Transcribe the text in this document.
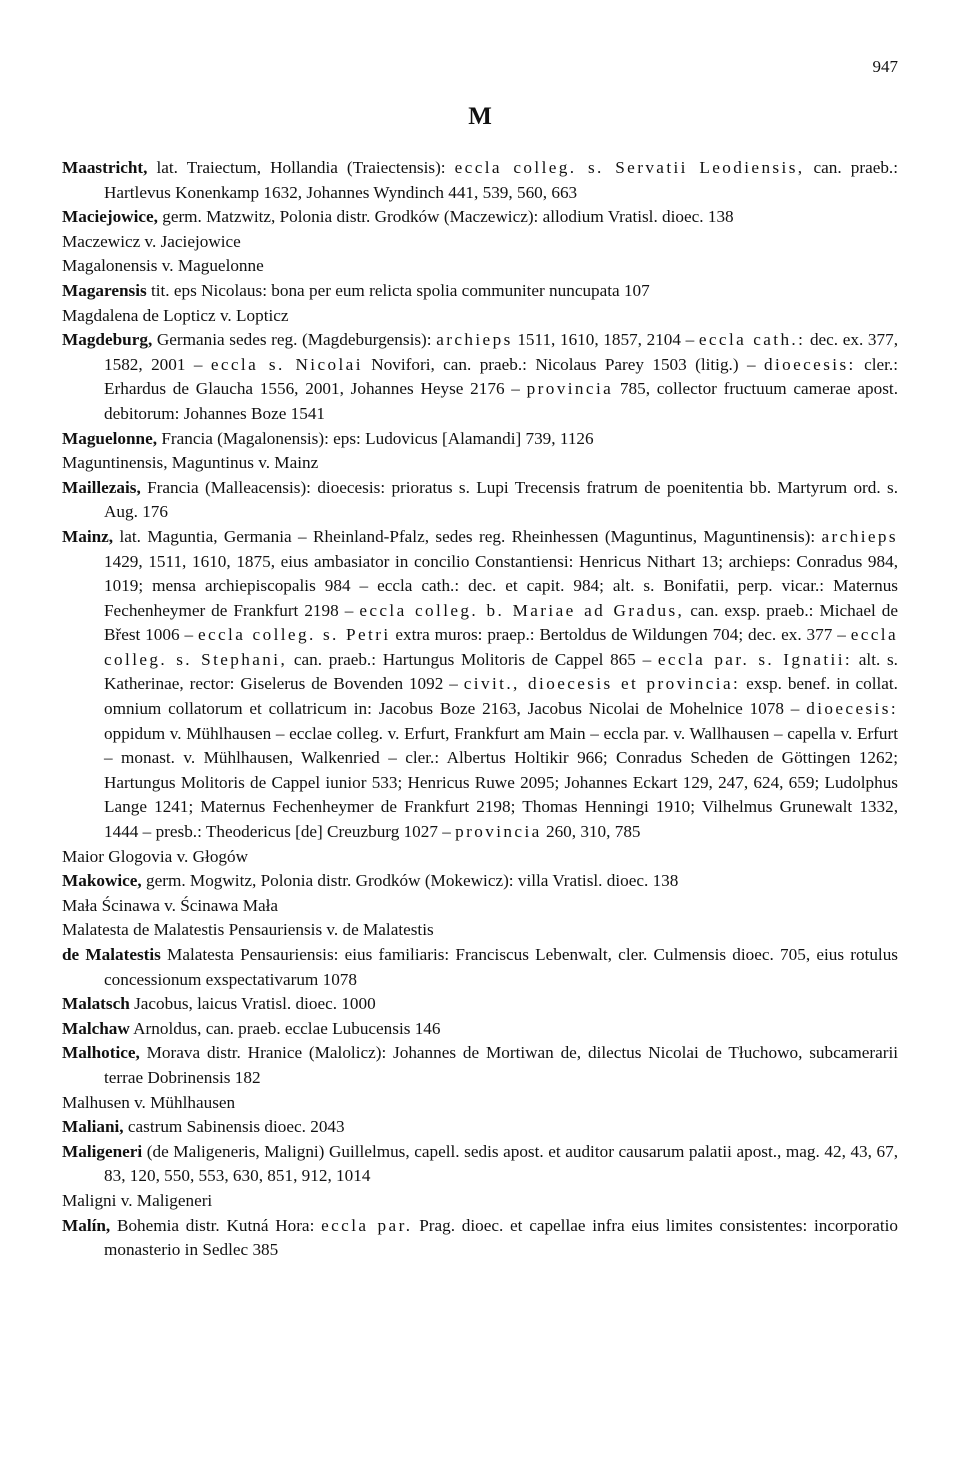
947
M

Maastricht, lat. Traiectum, Hollandia (Traiectensis): eccla colleg. s. Servatii Leodiensis, can. praeb.: Hartlevus Konenkamp 1632, Johannes Wyndinch 441, 539, 560, 663

Maciejowice, germ. Matzwitz, Polonia distr. Grodków (Maczewicz): allodium Vratisl. dioec. 138

Maczewicz v. Jaciejowice

Magalonensis v. Maguelonne

Magarensis tit. eps Nicolaus: bona per eum relicta spolia communiter nuncupata 107

Magdalena de Lopticz v. Lopticz

Magdeburg, Germania sedes reg. (Magdeburgensis): archieps 1511, 1610, 1857, 2104 – eccla cath.: dec. ex. 377, 1582, 2001 – eccla s. Nicolai Novifori, can. praeb.: Nicolaus Parey 1503 (litig.) – dioecesis: cler.: Erhardus de Glaucha 1556, 2001, Johannes Heyse 2176 – provincia 785, collector fructuum camerae apost. debitorum: Johannes Boze 1541

Maguelonne, Francia (Magalonensis): eps: Ludovicus [Alamandi] 739, 1126

Maguntinensis, Maguntinus v. Mainz

Maillezais, Francia (Malleacensis): dioecesis: prioratus s. Lupi Trecensis fratrum de poenitentia bb. Martyrum ord. s. Aug. 176

Mainz, lat. Maguntia, Germania – Rheinland-Pfalz, sedes reg. Rheinhessen (Maguntinus, Maguntinensis): archieps 1429, 1511, 1610, 1875, eius ambasiator in concilio Constantiensi: Henricus Nithart 13; archieps: Conradus 984, 1019; mensa archiepiscopalis 984 – eccla cath.: dec. et capit. 984; alt. s. Bonifatii, perp. vicar.: Maternus Fechenheymer de Frankfurt 2198 – eccla colleg. b. Mariae ad Gradus, can. exsp. praeb.: Michael de Břest 1006 – eccla colleg. s. Petri extra muros: praep.: Bertoldus de Wildungen 704; dec. ex. 377 – eccla colleg. s. Stephani, can. praeb.: Hartungus Molitoris de Cappel 865 – eccla par. s. Ignatii: alt. s. Katherinae, rector: Giselerus de Bovenden 1092 – civit., dioecesis et provincia: exsp. benef. in collat. omnium collatorum et collatricum in: Jacobus Boze 2163, Jacobus Nicolai de Mohelnice 1078 – dioecesis: oppidum v. Mühlhausen – ecclae colleg. v. Erfurt, Frankfurt am Main – eccla par. v. Wallhausen – capella v. Erfurt – monast. v. Mühlhausen, Walkenried – cler.: Albertus Holtikir 966; Conradus Scheden de Göttingen 1262; Hartungus Molitoris de Cappel iunior 533; Henricus Ruwe 2095; Johannes Eckart 129, 247, 624, 659; Ludolphus Lange 1241; Maternus Fechenheymer de Frankfurt 2198; Thomas Henningi 1910; Vilhelmus Grunewalt 1332, 1444 – presb.: Theodericus [de] Creuzburg 1027 – provincia 260, 310, 785

Maior Glogovia v. Głogów

Makowice, germ. Mogwitz, Polonia distr. Grodków (Mokewicz): villa Vratisl. dioec. 138

Mała Ścinawa v. Ścinawa Mała

Malatesta de Malatestis Pensauriensis v. de Malatestis

de Malatestis Malatesta Pensauriensis: eius familiaris: Franciscus Lebenwalt, cler. Culmensis dioec. 705, eius rotulus concessionum exspectativarum 1078

Malatsch Jacobus, laicus Vratisl. dioec. 1000

Malchaw Arnoldus, can. praeb. ecclae Lubucensis 146

Malhotice, Morava distr. Hranice (Malolicz): Johannes de Mortiwan de, dilectus Nicolai de Tłuchowo, subcamerarii terrae Dobrinensis 182

Malhusen v. Mühlhausen

Maliani, castrum Sabinensis dioec. 2043

Maligeneri (de Maligeneris, Maligni) Guillelmus, capell. sedis apost. et auditor causarum palatii apost., mag. 42, 43, 67, 83, 120, 550, 553, 630, 851, 912, 1014

Maligni v. Maligeneri

Malín, Bohemia distr. Kutná Hora: eccla par. Prag. dioec. et capellae infra eius limites consistentes: incorporatio monasterio in Sedlec 385
